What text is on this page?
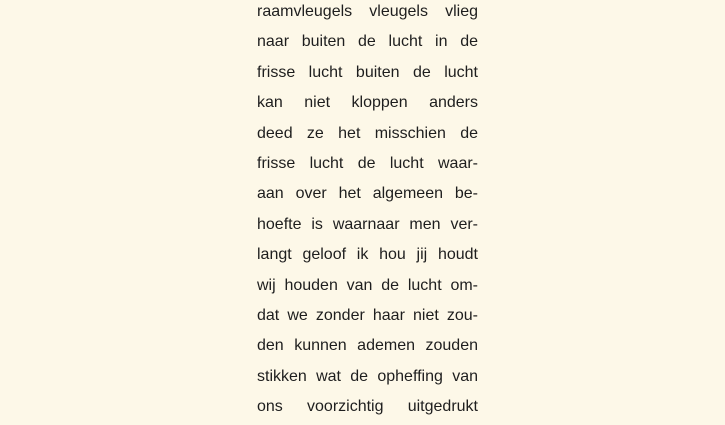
raamvleugels vleugels vlieg
naar buiten de lucht in de
frisse lucht buiten de lucht
kan niet kloppen anders
deed ze het misschien de
frisse lucht de lucht waar-
aan over het algemeen be-
hoefte is waarnaar men ver-
langt geloof ik hou jij houdt
wij houden van de lucht om-
dat we zonder haar niet zou-
den kunnen ademen zouden
stikken wat de opheffing van
ons voorzichtig uitgedrukt
